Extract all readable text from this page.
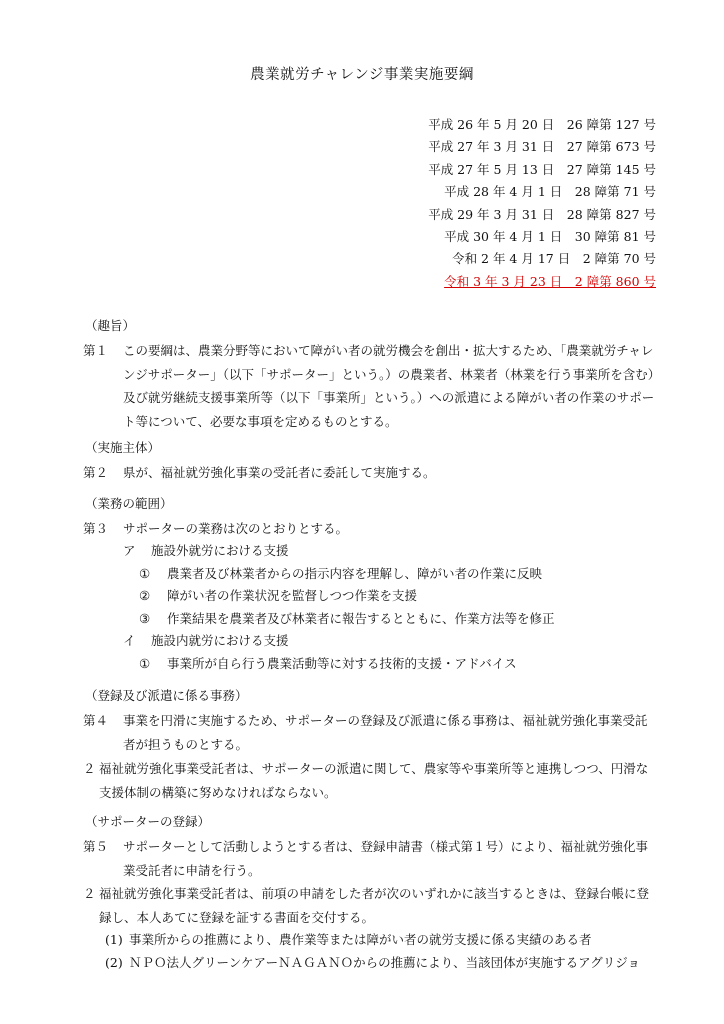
農業就労チャレンジ事業実施要綱
平成 26 年 5 月 20 日　26 障第 127 号
平成 27 年 3 月 31 日　27 障第 673 号
平成 27 年 5 月 13 日　27 障第 145 号
平成 28 年 4 月 1 日　28 障第 71 号
平成 29 年 3 月 31 日　28 障第 827 号
平成 30 年 4 月 1 日　30 障第 81 号
令和 2 年 4 月 17 日　2 障第 70 号
令和 3 年 3 月 23 日　2 障第 860 号
（趣旨）
第１ この要綱は、農業分野等において障がい者の就労機会を創出・拡大するため、「農業就労チャレンジサポーター」（以下「サポーター」という。）の農業者、林業者（林業を行う事業所を含む）及び就労継続支援事業所等（以下「事業所」という。）への派遣による障がい者の作業のサポート等について、必要な事項を定めるものとする。
（実施主体）
第２ 県が、福祉就労強化事業の受託者に委託して実施する。
（業務の範囲）
第３ サポーターの業務は次のとおりとする。
ア 施設外就労における支援
① 農業者及び林業者からの指示内容を理解し、障がい者の作業に反映
② 障がい者の作業状況を監督しつつ作業を支援
③ 作業結果を農業者及び林業者に報告するとともに、作業方法等を修正
イ 施設内就労における支援
① 事業所が自ら行う農業活動等に対する技術的支援・アドバイス
（登録及び派遣に係る事務）
第４ 事業を円滑に実施するため、サポーターの登録及び派遣に係る事務は、福祉就労強化事業受託者が担うものとする。
２ 福祉就労強化事業受託者は、サポーターの派遣に関して、農家等や事業所等と連携しつつ、円滑な支援体制の構築に努めなければならない。
（サポーターの登録）
第５ サポーターとして活動しようとする者は、登録申請書（様式第１号）により、福祉就労強化事業受託者に申請を行う。
２ 福祉就労強化事業受託者は、前項の申請をした者が次のいずれかに該当するときは、登録台帳に登録し、本人あてに登録を証する書面を交付する。
(1) 事業所からの推薦により、農作業等または障がい者の就労支援に係る実績のある者
(2) ＮＰＯ法人グリーンケアーＮＡＧＡＮＯからの推薦により、当該団体が実施するアグリジョ
